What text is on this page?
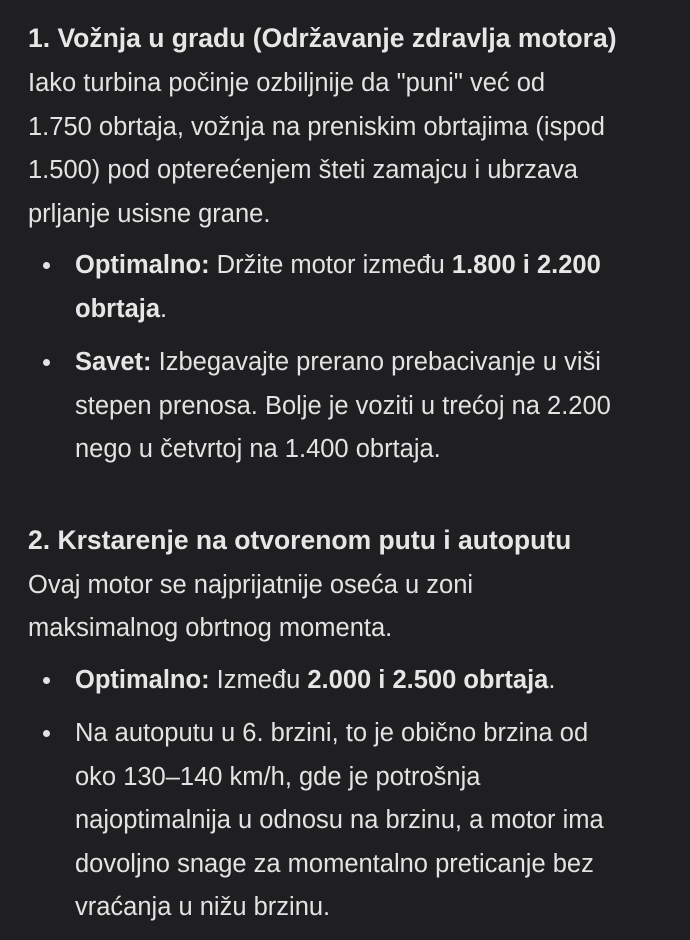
1. Vožnja u gradu (Održavanje zdravlja motora)

Iako turbina počinje ozbiljnije da "puni" već od
1.750 obrtaja, vožnja na preniskim obrtajima (ispod
1.500) pod opterećenjem šteti zamajcu i ubrzava
prljanje usisne grane.

Optimalno: Držite motor između 1.800 i 2.200
obrtaja.
Savet: Izbegavajte prerano prebacivanje u viši
stepen prenosa. Bolje je voziti u trećoj na 2.200
nego u četvrtoj na 1.400 obrtaja.
2. Krstarenje na otvorenom putu i autoputu

Ovaj motor se najprijatnije oseća u zoni
maksimalnog obrtnog momenta.

Optimalno: Između 2.000 i 2.500 obrtaja.
Na autoputu u 6. brzini, to je obično brzina od
oko 130–140 km/h, gde je potrošnja
najoptimalnija u odnosu na brzinu, a motor ima
dovoljno snage za momentalno preticanje bez
vraćanja u nižu brzinu.
